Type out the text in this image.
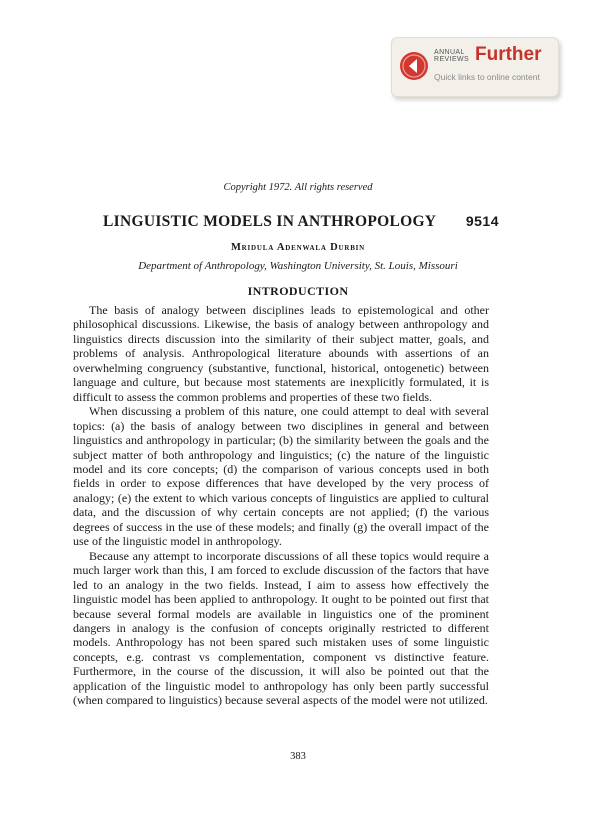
ANNUAL
REVIEWS Further
Quick links to online content
Copyright 1972. All rights reserved
LINGUISTIC MODELS IN ANTHROPOLOGY 9514
Mridula Adenwala Durbin
Department of Anthropology, Washington University, St. Louis, Missouri
INTRODUCTION

The basis of analogy between disciplines leads to epistemological and other philosophical discussions. Likewise, the basis of analogy between anthropology and linguistics directs discussion into the similarity of their subject matter, goals, and problems of analysis. Anthropological literature abounds with assertions of an overwhelming congruency (substantive, functional, historical, ontogenetic) between language and culture, but because most statements are inexplicitly formulated, it is difficult to assess the common problems and properties of these two fields.

When discussing a problem of this nature, one could attempt to deal with several topics: (a) the basis of analogy between two disciplines in general and between linguistics and anthropology in particular; (b) the similarity between the goals and the subject matter of both anthropology and linguistics; (c) the nature of the linguistic model and its core concepts; (d) the comparison of various concepts used in both fields in order to expose differences that have developed by the very process of analogy; (e) the extent to which various concepts of linguistics are applied to cultural data, and the discussion of why certain concepts are not applied; (f) the various degrees of success in the use of these models; and finally (g) the overall impact of the use of the linguistic model in anthropology.

Because any attempt to incorporate discussions of all these topics would require a much larger work than this, I am forced to exclude discussion of the factors that have led to an analogy in the two fields. Instead, I aim to assess how effectively the linguistic model has been applied to anthropology. It ought to be pointed out first that because several formal models are available in linguistics one of the prominent dangers in analogy is the confusion of concepts originally restricted to different models. Anthropology has not been spared such mistaken uses of some linguistic concepts, e.g. contrast vs complementation, component vs distinctive feature. Furthermore, in the course of the discussion, it will also be pointed out that the application of the linguistic model to anthropology has only been partly successful (when compared to linguistics) because several aspects of the model were not utilized.

383
